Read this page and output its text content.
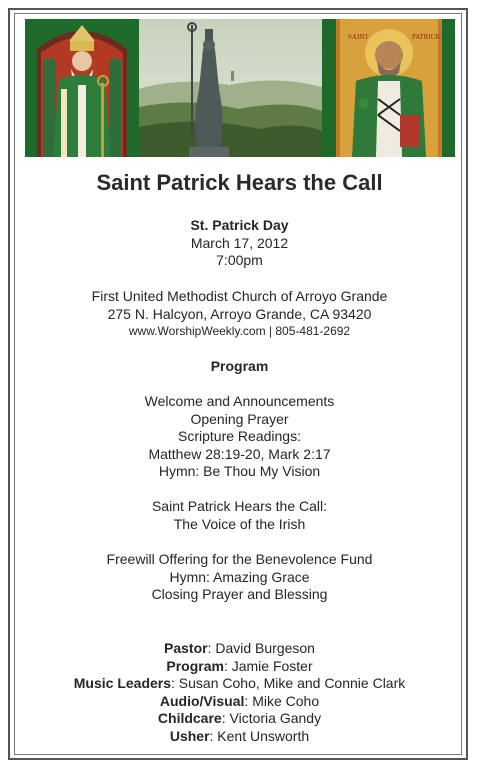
SAINT	PATRICK
Saint Patrick Hears the Call
St. Patrick Day
March 17, 2012
7:00pm
First United Methodist Church of Arroyo Grande
275 N. Halcyon, Arroyo Grande, CA 93420
www.WorshipWeekly.com | 805-481-2692
Program
Welcome and Announcements
Opening Prayer
Scripture Readings:
Matthew 28:19-20, Mark 2:17
Hymn: Be Thou My Vision
Saint Patrick Hears the Call:
The Voice of the Irish
Freewill Offering for the Benevolence Fund
Hymn: Amazing Grace
Closing Prayer and Blessing
Pastor: David Burgeson
Program: Jamie Foster
Music Leaders: Susan Coho, Mike and Connie Clark
Audio/Visual: Mike Coho
Childcare: Victoria Gandy
Usher: Kent Unsworth
